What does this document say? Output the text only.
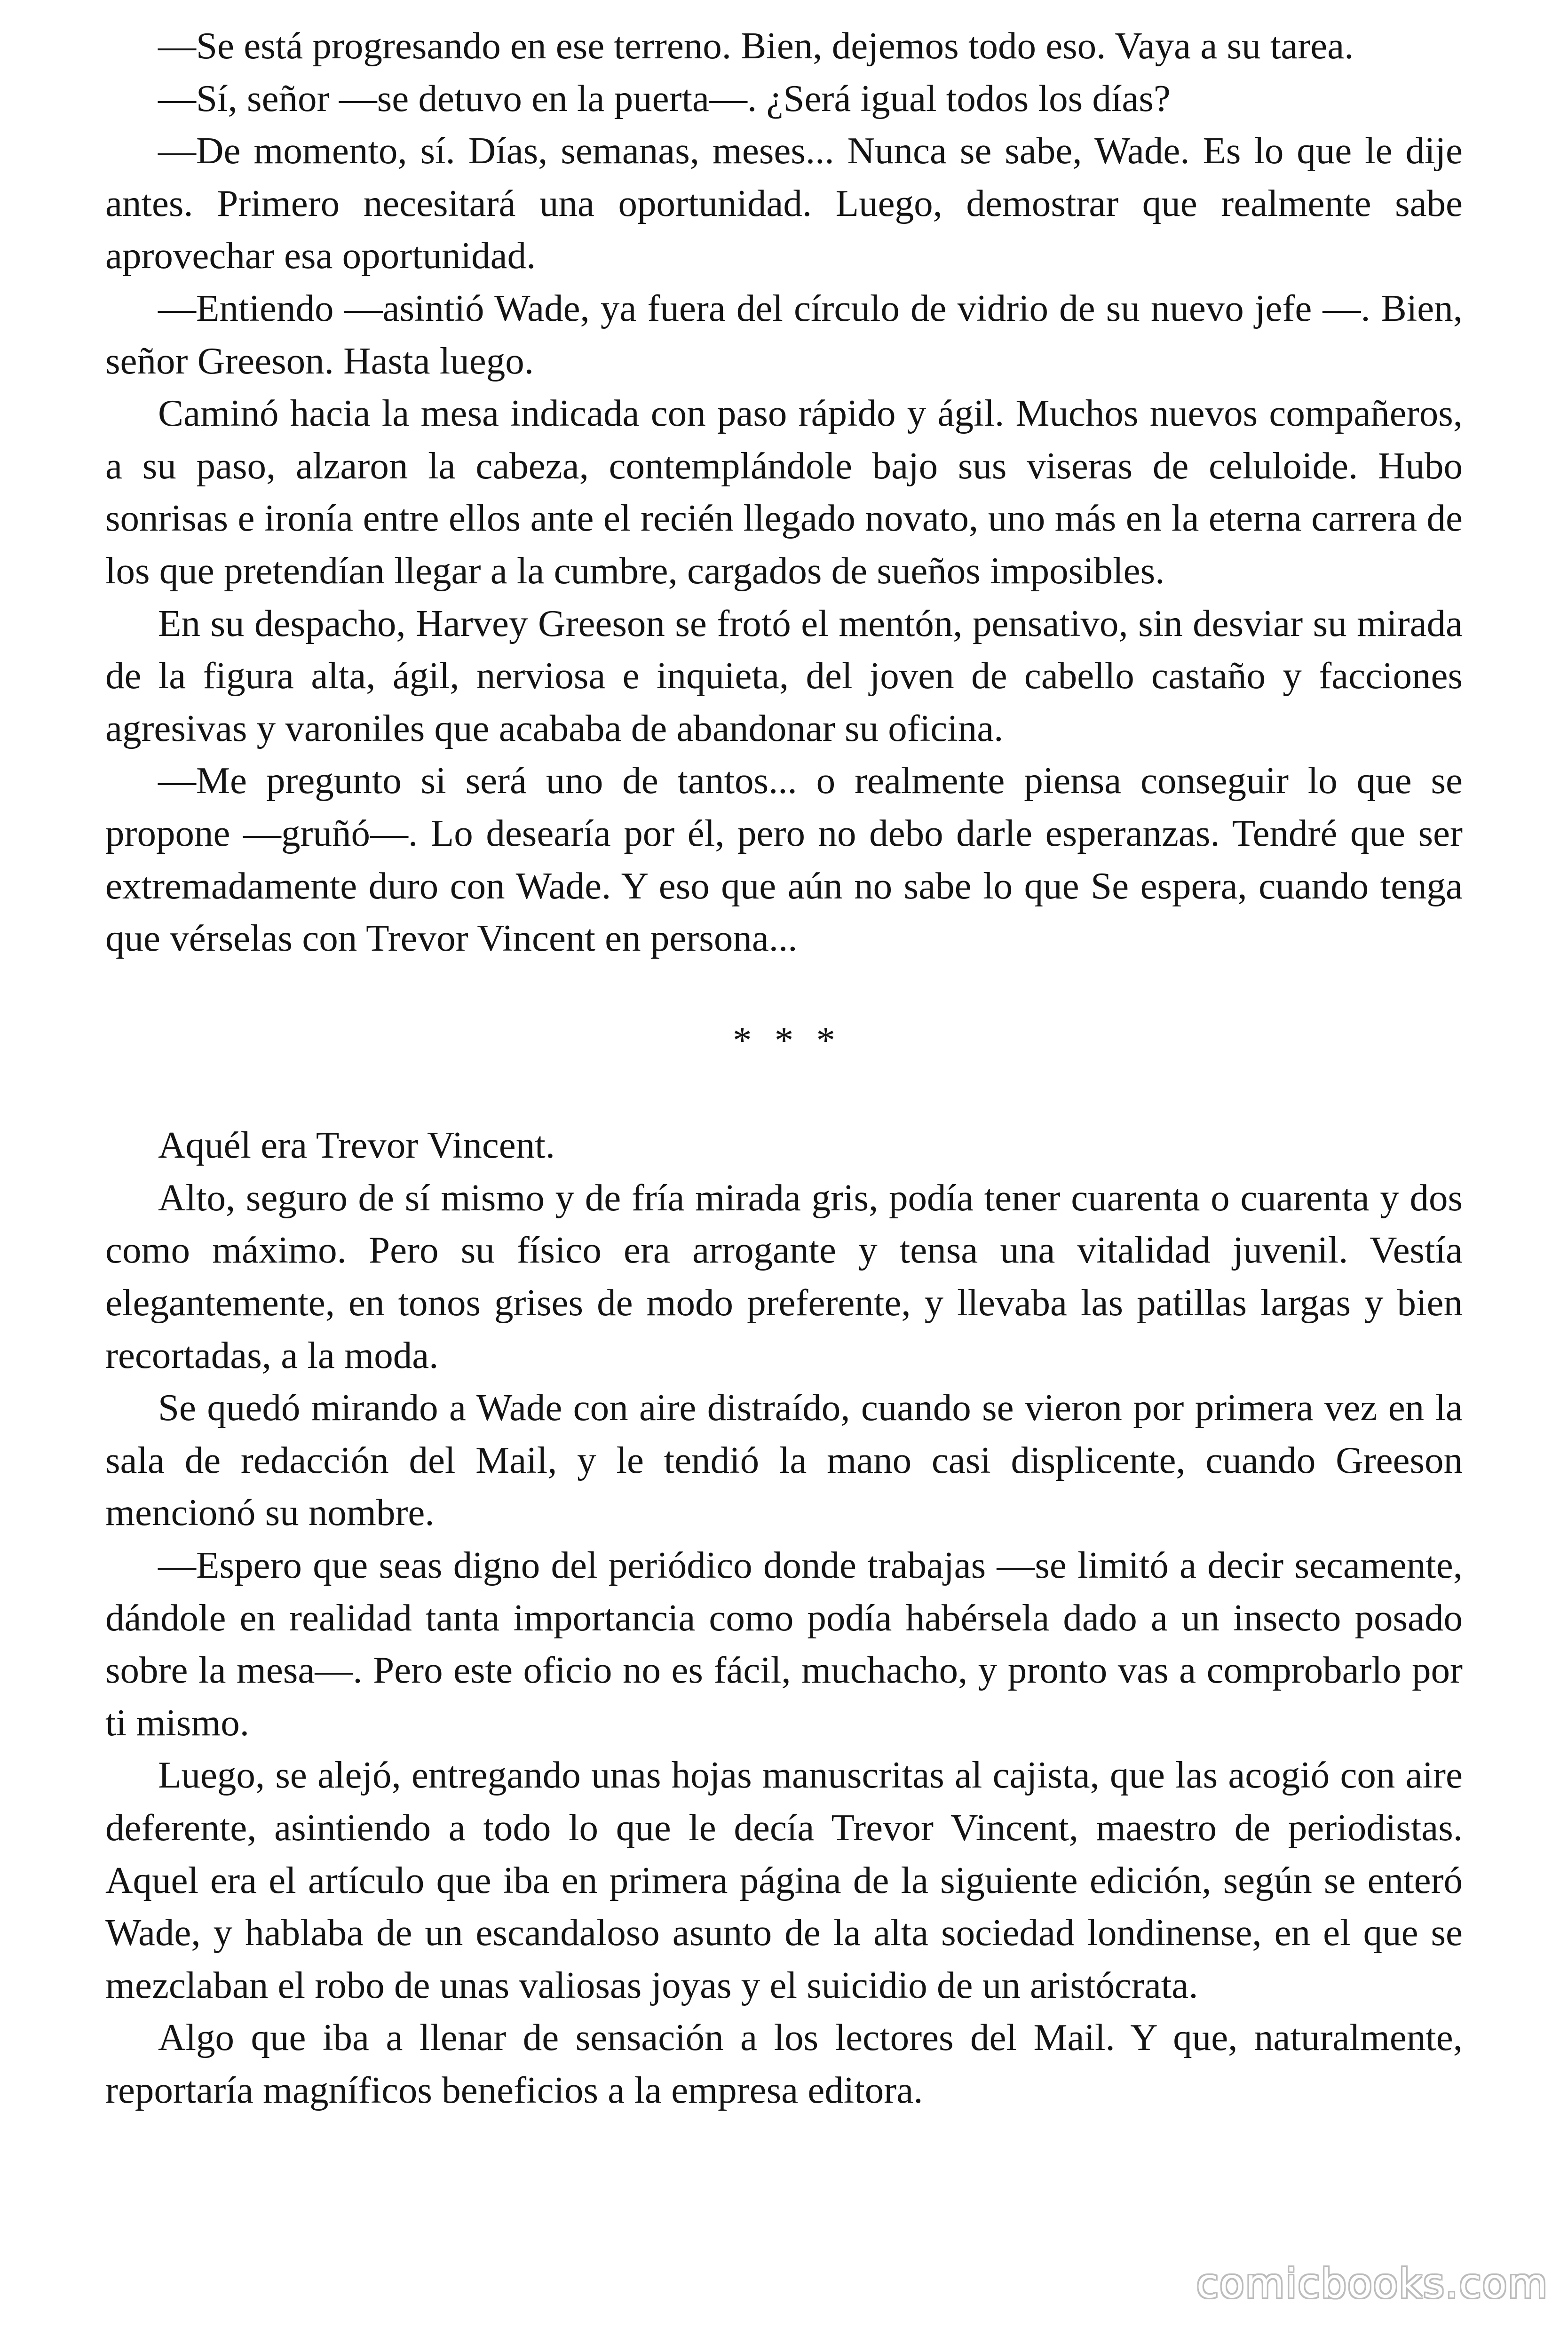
—Se está progresando en ese terreno. Bien, dejemos todo eso. Vaya a su tarea.

—Sí, señor —se detuvo en la puerta—. ¿Será igual todos los días?

—De momento, sí. Días, semanas, meses... Nunca se sabe, Wade. Es lo que le dije antes. Primero necesitará una oportunidad. Luego, demostrar que realmente sabe aprovechar esa oportunidad.

—Entiendo —asintió Wade, ya fuera del círculo de vidrio de su nuevo jefe —. Bien, señor Greeson. Hasta luego.

Caminó hacia la mesa indicada con paso rápido y ágil. Muchos nuevos compañeros, a su paso, alzaron la cabeza, contemplándole bajo sus viseras de celuloide. Hubo sonrisas e ironía entre ellos ante el recién llegado novato, uno más en la eterna carrera de los que pretendían llegar a la cumbre, cargados de sueños imposibles.

En su despacho, Harvey Greeson se frotó el mentón, pensativo, sin desviar su mirada de la figura alta, ágil, nerviosa e inquieta, del joven de cabello castaño y facciones agresivas y varoniles que acababa de abandonar su oficina.

—Me pregunto si será uno de tantos... o realmente piensa conseguir lo que se propone —gruñó—. Lo desearía por él, pero no debo darle esperanzas. Tendré que ser extremadamente duro con Wade. Y eso que aún no sabe lo que Se espera, cuando tenga que vérselas con Trevor Vincent en persona...

* * *

Aquél era Trevor Vincent.

Alto, seguro de sí mismo y de fría mirada gris, podía tener cuarenta o cuarenta y dos como máximo. Pero su físico era arrogante y tensa una vitalidad juvenil. Vestía elegantemente, en tonos grises de modo preferente, y llevaba las patillas largas y bien recortadas, a la moda.

Se quedó mirando a Wade con aire distraído, cuando se vieron por primera vez en la sala de redacción del Mail, y le tendió la mano casi displicente, cuando Greeson mencionó su nombre.

—Espero que seas digno del periódico donde trabajas —se limitó a decir secamente, dándole en realidad tanta importancia como podía habérsela dado a un insecto posado sobre la mesa—. Pero este oficio no es fácil, muchacho, y pronto vas a comprobarlo por ti mismo.

Luego, se alejó, entregando unas hojas manuscritas al cajista, que las acogió con aire deferente, asintiendo a todo lo que le decía Trevor Vincent, maestro de periodistas. Aquel era el artículo que iba en primera página de la siguiente edición, según se enteró Wade, y hablaba de un escandaloso asunto de la alta sociedad londinense, en el que se mezclaban el robo de unas valiosas joyas y el suicidio de un aristócrata.

Algo que iba a llenar de sensación a los lectores del Mail. Y que, naturalmente, reportaría magníficos beneficios a la empresa editora.

comicbooks.com
